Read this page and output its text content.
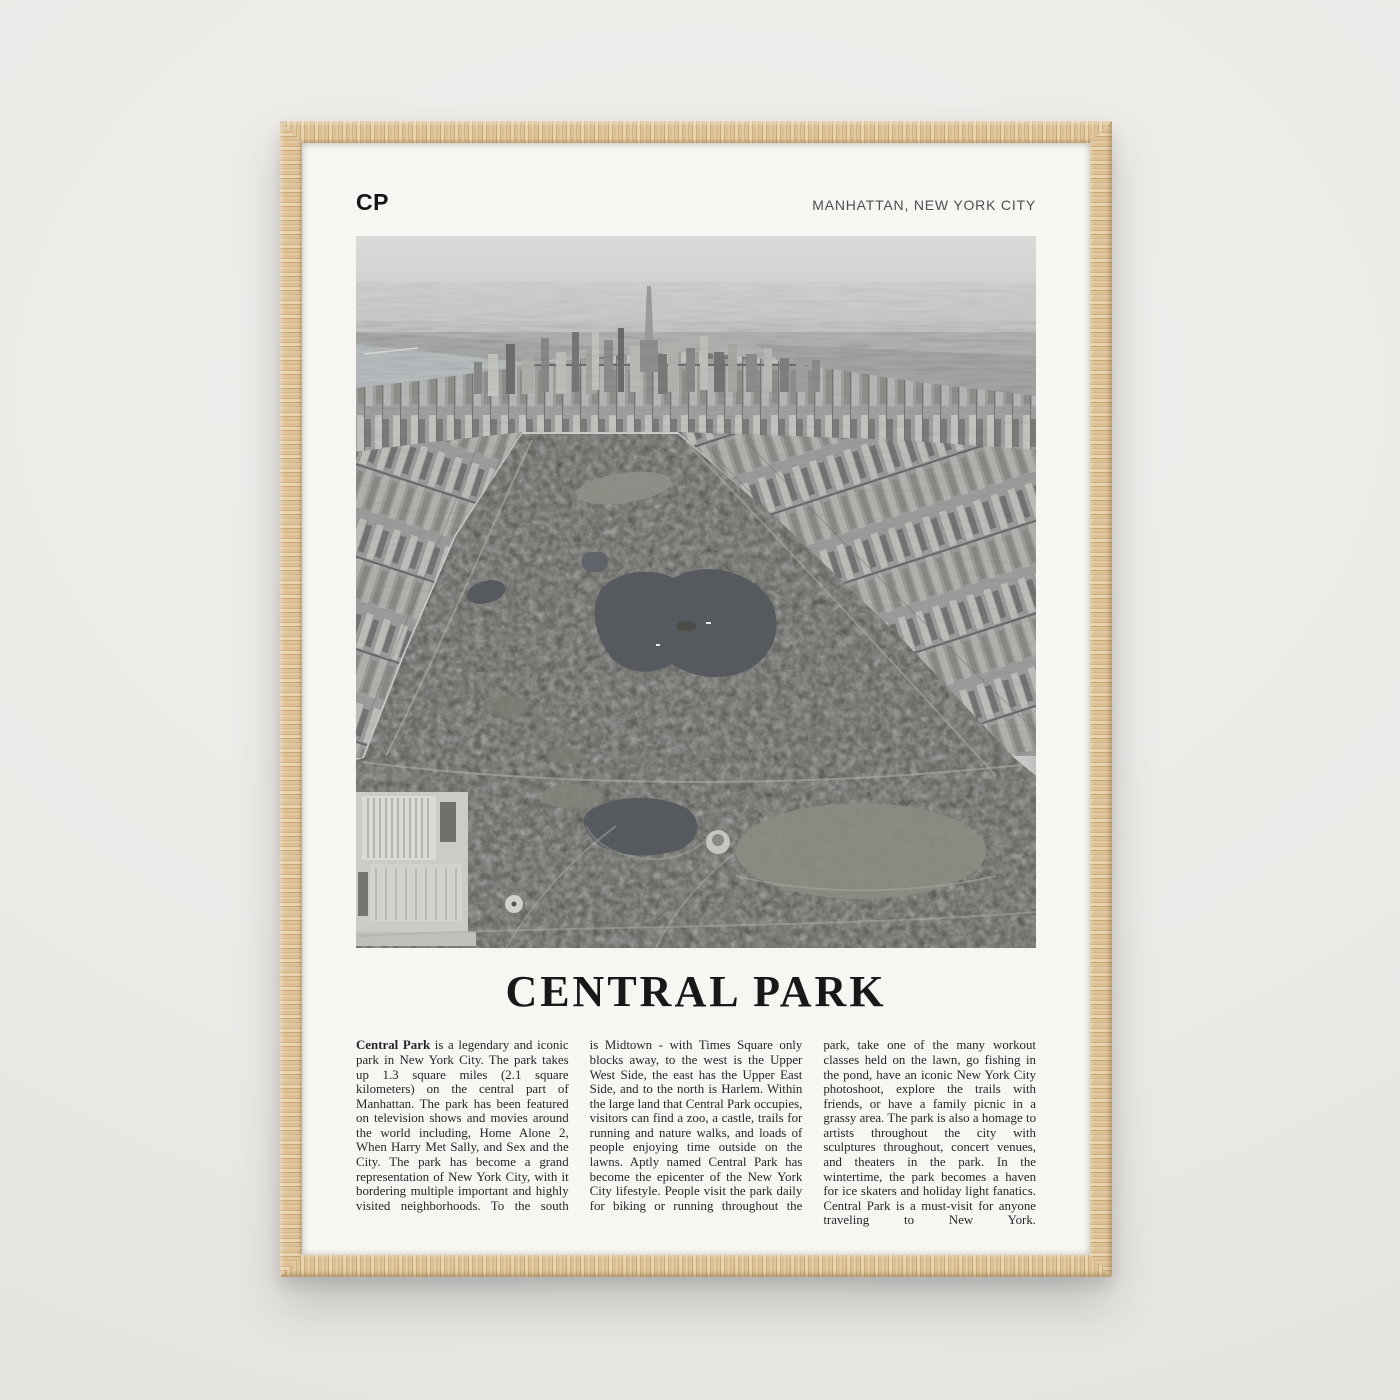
CP	MANHATTAN, NEW YORK CITY
CENTRAL PARK

Central Park is a legendary and iconic park in New York City. The park takes up 1.3 square miles (2.1 square kilometers) on the central part of Manhattan. The park has been featured on television shows and movies around the world including, Home Alone 2, When Harry Met Sally, and Sex and the City. The park has become a grand representation of New York City, with it bordering multiple important and highly visited neighborhoods. To the south

is Midtown - with Times Square only blocks away, to the west is the Upper West Side, the east has the Upper East Side, and to the north is Harlem. Within the large land that Central Park occupies, visitors can find a zoo, a castle, trails for running and nature walks, and loads of people enjoying time outside on the lawns. Aptly named Central Park has become the epicenter of the New York City lifestyle. People visit the park daily for biking or running throughout the

park, take one of the many workout classes held on the lawn, go fishing in the pond, have an iconic New York City photoshoot, explore the trails with friends, or have a family picnic in a grassy area. The park is also a homage to artists throughout the city with sculptures throughout, concert venues, and theaters in the park. In the wintertime, the park becomes a haven for ice skaters and holiday light fanatics. Central Park is a must-visit for anyone traveling to New York.
